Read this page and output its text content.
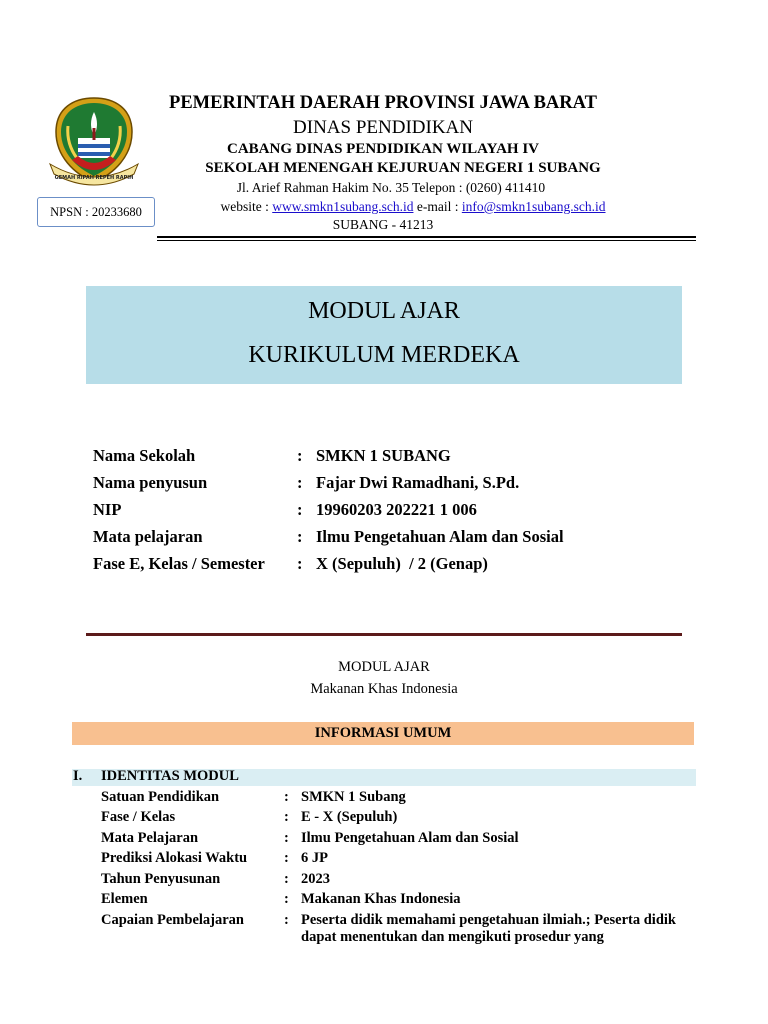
GEMAH RIPAH REPEH RAPIH
NPSN : 20233680
PEMERINTAH DAERAH PROVINSI JAWA BARAT
DINAS PENDIDIKAN
CABANG DINAS PENDIDIKAN WILAYAH IV
SEKOLAH MENENGAH KEJURUAN NEGERI 1 SUBANG
Jl. Arief Rahman Hakim No. 35 Telepon : (0260) 411410
website : www.smkn1subang.sch.id e-mail : info@smkn1subang.sch.id
SUBANG - 41213
MODUL AJAR
KURIKULUM MERDEKA
Nama Sekolah	: SMKN 1 SUBANG
Nama penyusun	: Fajar Dwi Ramadhani, S.Pd.
NIP	: 19960203 202221 1 006
Mata pelajaran	: Ilmu Pengetahuan Alam dan Sosial
Fase E, Kelas / Semester : X (Sepuluh)  / 2 (Genap)
MODUL AJAR
Makanan Khas Indonesia
INFORMASI UMUM
I. IDENTITAS MODUL
Satuan Pendidikan	: SMKN 1 Subang
Fase / Kelas	: E - X (Sepuluh)
Mata Pelajaran	: Ilmu Pengetahuan Alam dan Sosial
Prediksi Alokasi Waktu	: 6 JP
Tahun Penyusunan	: 2023
Elemen	: Makanan Khas Indonesia
Capaian Pembelajaran	: Peserta didik memahami pengetahuan ilmiah.; Peserta didik dapat menentukan dan mengikuti prosedur yang
